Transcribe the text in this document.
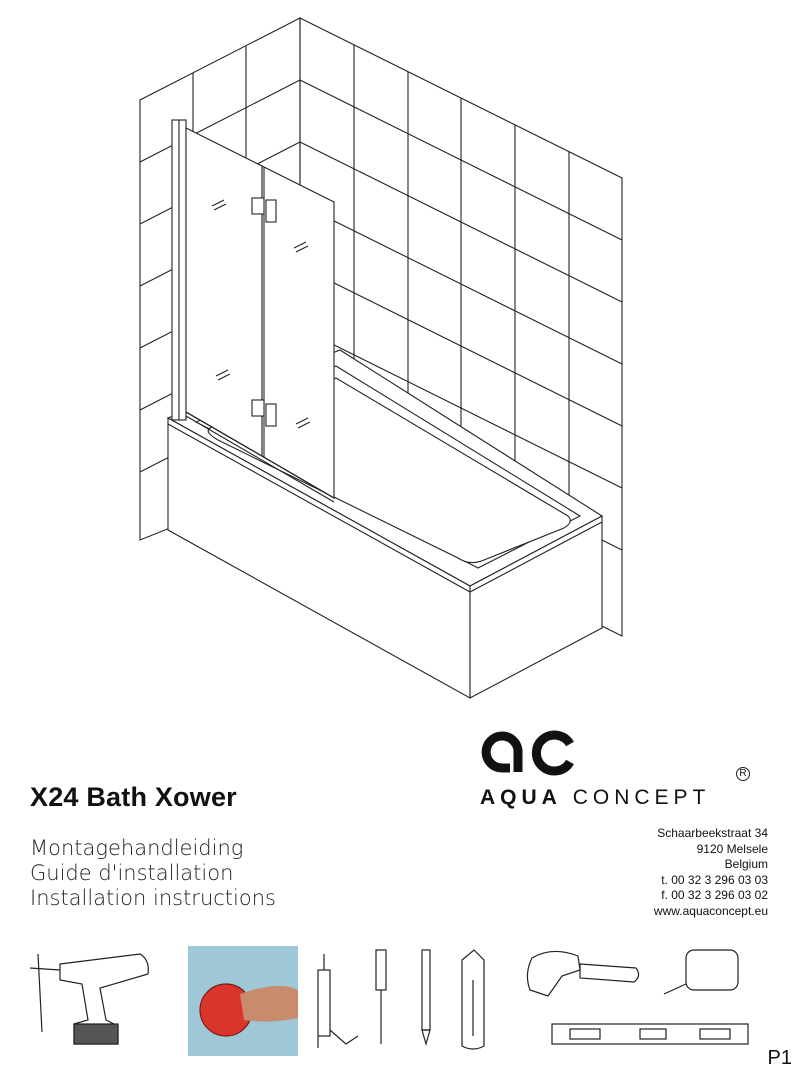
AQUA CONCEPT
R
X24 Bath Xower
Montagehandleiding
Guide d'installation
Installation instructions
Schaarbeekstraat 34
9120 Melsele
Belgium
t. 00 32 3 296 03 03
f. 00 32 3 296 03 02
www.aquaconcept.eu
P1
